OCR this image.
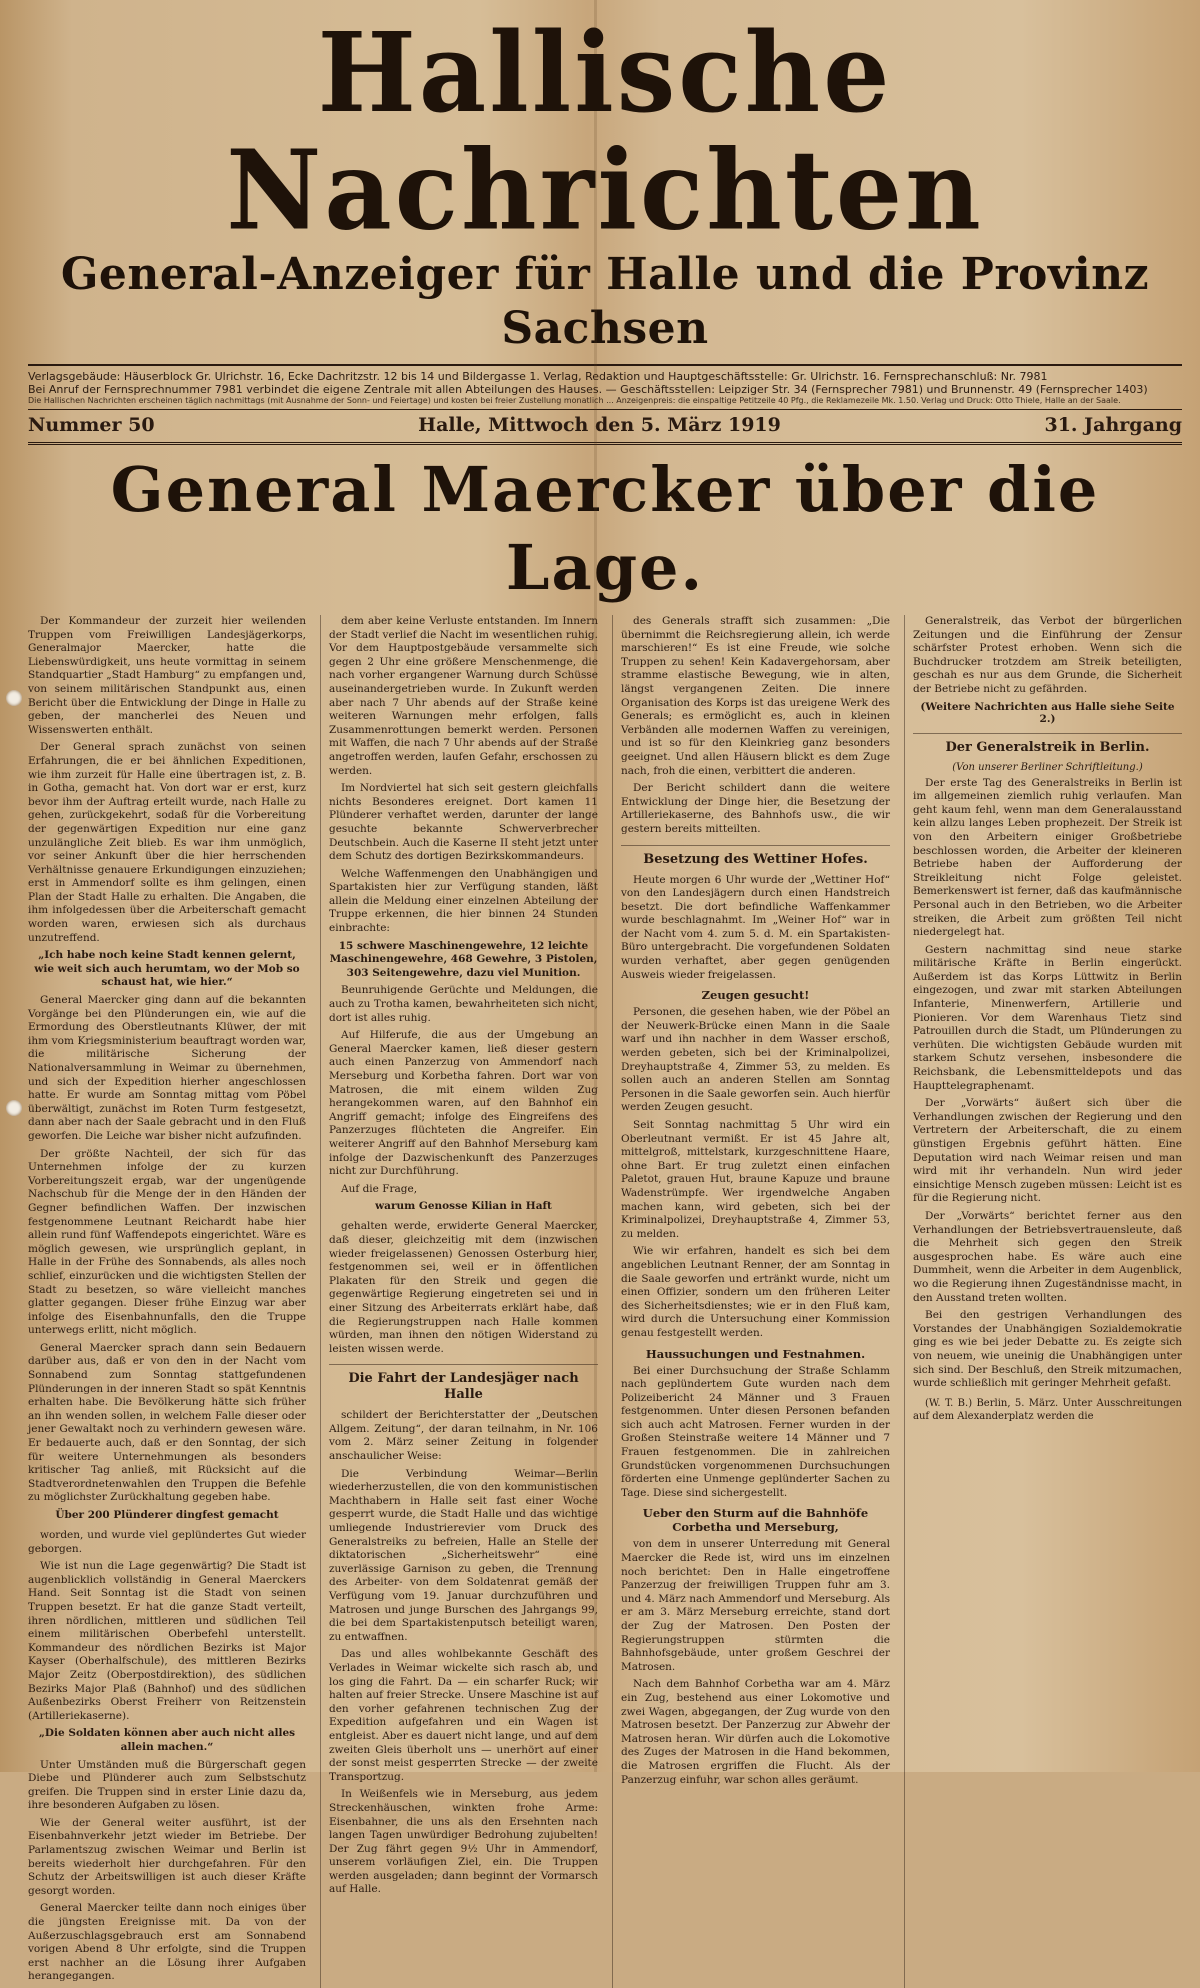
Hallische Nachrichten
General-Anzeiger für Halle und die Provinz Sachsen
Verlagsgebäude: Häuserblock Gr. Ulrichstr. 16, Ecke Dachritzstr. 12 bis 14 und Bildergasse 1. Verlag, Redaktion und Hauptgeschäftsstelle: Gr. Ulrichstr. 16. Fernsprechanschluß: Nr. 7981
Bei Anruf der Fernsprechnummer 7981 verbindet die eigene Zentrale mit allen Abteilungen des Hauses. — Geschäftsstellen: Leipziger Str. 34 (Fernsprecher 7981) und Brunnenstr. 49 (Fernsprecher 1403)
Die Hallischen Nachrichten erscheinen täglich nachmittags (mit Ausnahme der Sonn- und Feiertage) und kosten bei freier Zustellung monatlich ... Anzeigenpreis: die einspaltige Petitzeile 40 Pfg., die Reklamezeile Mk. 1.50. Verlag und Druck: Otto Thiele, Halle an der Saale.
Nummer 50	Halle, Mittwoch den 5. März 1919	31. Jahrgang
General Maercker über die Lage.

Der Kommandeur der zurzeit hier weilenden Truppen vom Freiwilligen Landesjägerkorps, Generalmajor Maercker, hatte die Liebenswürdigkeit, uns heute vormittag in seinem Standquartier „Stadt Hamburg“ zu empfangen und, von seinem militärischen Standpunkt aus, einen Bericht über die Entwicklung der Dinge in Halle zu geben, der mancherlei des Neuen und Wissenswerten enthält.

Der General sprach zunächst von seinen Erfahrungen, die er bei ähnlichen Expeditionen, wie ihm zurzeit für Halle eine übertragen ist, z. B. in Gotha, gemacht hat. Von dort war er erst, kurz bevor ihm der Auftrag erteilt wurde, nach Halle zu gehen, zurückgekehrt, sodaß für die Vorbereitung der gegenwärtigen Expedition nur eine ganz unzulängliche Zeit blieb. Es war ihm unmöglich, vor seiner Ankunft über die hier herrschenden Verhältnisse genauere Erkundigungen einzuziehen; erst in Ammendorf sollte es ihm gelingen, einen Plan der Stadt Halle zu erhalten. Die Angaben, die ihm infolgedessen über die Arbeiterschaft gemacht worden waren, erwiesen sich als durchaus unzutreffend.

„Ich habe noch keine Stadt kennen gelernt, wie weit sich auch herumtam, wo der Mob so schaust hat, wie hier.“

General Maercker ging dann auf die bekannten Vorgänge bei den Plünderungen ein, wie auf die Ermordung des Oberstleutnants Klüwer, der mit ihm vom Kriegsministerium beauftragt worden war, die militärische Sicherung der Nationalversammlung in Weimar zu übernehmen, und sich der Expedition hierher angeschlossen hatte. Er wurde am Sonntag mittag vom Pöbel überwältigt, zunächst im Roten Turm festgesetzt, dann aber nach der Saale gebracht und in den Fluß geworfen. Die Leiche war bisher nicht aufzufinden.

Der größte Nachteil, der sich für das Unternehmen infolge der zu kurzen Vorbereitungszeit ergab, war der ungenügende Nachschub für die Menge der in den Händen der Gegner befindlichen Waffen. Der inzwischen festgenommene Leutnant Reichardt habe hier allein rund fünf Waffendepots eingerichtet. Wäre es möglich gewesen, wie ursprünglich geplant, in Halle in der Frühe des Sonnabends, als alles noch schlief, einzurücken und die wichtigsten Stellen der Stadt zu besetzen, so wäre vielleicht manches glatter gegangen. Dieser frühe Einzug war aber infolge des Eisenbahnunfalls, den die Truppe unterwegs erlitt, nicht möglich.

General Maercker sprach dann sein Bedauern darüber aus, daß er von den in der Nacht vom Sonnabend zum Sonntag stattgefundenen Plünderungen in der inneren Stadt so spät Kenntnis erhalten habe. Die Bevölkerung hätte sich früher an ihn wenden sollen, in welchem Falle dieser oder jener Gewaltakt noch zu verhindern gewesen wäre. Er bedauerte auch, daß er den Sonntag, der sich für weitere Unternehmungen als besonders kritischer Tag anließ, mit Rücksicht auf die Stadtverordnetenwahlen den Truppen die Befehle zu möglichster Zurückhaltung gegeben habe.

Über 200 Plünderer dingfest gemacht

worden, und wurde viel geplündertes Gut wieder geborgen.

Wie ist nun die Lage gegenwärtig? Die Stadt ist augenblicklich vollständig in General Maerckers Hand. Seit Sonntag ist die Stadt von seinen Truppen besetzt. Er hat die ganze Stadt verteilt, ihren nördlichen, mittleren und südlichen Teil einem militärischen Oberbefehl unterstellt. Kommandeur des nördlichen Bezirks ist Major Kayser (Oberhalfschule), des mittleren Bezirks Major Zeitz (Oberpostdirektion), des südlichen Bezirks Major Plaß (Bahnhof) und des südlichen Außenbezirks Oberst Freiherr von Reitzenstein (Artilleriekaserne).

„Die Soldaten können aber auch nicht alles allein machen.“

Unter Umständen muß die Bürgerschaft gegen Diebe und Plünderer auch zum Selbstschutz greifen. Die Truppen sind in erster Linie dazu da, ihre besonderen Aufgaben zu lösen.

Wie der General weiter ausführt, ist der Eisenbahnverkehr jetzt wieder im Betriebe. Der Parlamentszug zwischen Weimar und Berlin ist bereits wiederholt hier durchgefahren. Für den Schutz der Arbeitswilligen ist auch dieser Kräfte gesorgt worden.

General Maercker teilte dann noch einiges über die jüngsten Ereignisse mit. Da von der Außerzuschlagsgebrauch erst am Sonnabend vorigen Abend 8 Uhr erfolgte, sind die Truppen erst nachher an die Lösung ihrer Aufgaben herangegangen.

dem aber keine Verluste entstanden. Im Innern der Stadt verlief die Nacht im wesentlichen ruhig. Vor dem Hauptpostgebäude versammelte sich gegen 2 Uhr eine größere Menschenmenge, die nach vorher ergangener Warnung durch Schüsse auseinandergetrieben wurde. In Zukunft werden aber nach 7 Uhr abends auf der Straße keine weiteren Warnungen mehr erfolgen, falls Zusammenrottungen bemerkt werden. Personen mit Waffen, die nach 7 Uhr abends auf der Straße angetroffen werden, laufen Gefahr, erschossen zu werden.

Im Nordviertel hat sich seit gestern gleichfalls nichts Besonderes ereignet. Dort kamen 11 Plünderer verhaftet werden, darunter der lange gesuchte bekannte Schwerverbrecher Deutschbein. Auch die Kaserne II steht jetzt unter dem Schutz des dortigen Bezirkskommandeurs.

Welche Waffenmengen den Unabhängigen und Spartakisten hier zur Verfügung standen, läßt allein die Meldung einer einzelnen Abteilung der Truppe erkennen, die hier binnen 24 Stunden einbrachte:

15 schwere Maschinengewehre, 12 leichte Maschinengewehre, 468 Gewehre, 3 Pistolen, 303 Seitengewehre, dazu viel Munition.

Beunruhigende Gerüchte und Meldungen, die auch zu Trotha kamen, bewahrheiteten sich nicht, dort ist alles ruhig.

Auf Hilferufe, die aus der Umgebung an General Maercker kamen, ließ dieser gestern auch einen Panzerzug von Ammendorf nach Merseburg und Korbetha fahren. Dort war von Matrosen, die mit einem wilden Zug herangekommen waren, auf den Bahnhof ein Angriff gemacht; infolge des Eingreifens des Panzerzuges flüchteten die Angreifer. Ein weiterer Angriff auf den Bahnhof Merseburg kam infolge der Dazwischenkunft des Panzerzuges nicht zur Durchführung.

Auf die Frage,

warum Genosse Kilian in Haft

gehalten werde, erwiderte General Maercker, daß dieser, gleichzeitig mit dem (inzwischen wieder freigelassenen) Genossen Osterburg hier, festgenommen sei, weil er in öffentlichen Plakaten für den Streik und gegen die gegenwärtige Regierung eingetreten sei und in einer Sitzung des Arbeiterrats erklärt habe, daß die Regierungstruppen nach Halle kommen würden, man ihnen den nötigen Widerstand zu leisten wissen werde.

Die Fahrt der Landesjäger nach Halle

schildert der Berichterstatter der „Deutschen Allgem. Zeitung“, der daran teilnahm, in Nr. 106 vom 2. März seiner Zeitung in folgender anschaulicher Weise:

Die Verbindung Weimar—Berlin wiederherzustellen, die von den kommunistischen Machthabern in Halle seit fast einer Woche gesperrt wurde, die Stadt Halle und das wichtige umliegende Industrierevier vom Druck des Generalstreiks zu befreien, Halle an Stelle der diktatorischen „Sicherheitswehr“ eine zuverlässige Garnison zu geben, die Trennung des Arbeiter- von dem Soldatenrat gemäß der Verfügung vom 19. Januar durchzuführen und Matrosen und junge Burschen des Jahrgangs 99, die bei dem Spartakistenputsch beteiligt waren, zu entwaffnen.

Das und alles wohlbekannte Geschäft des Verlades in Weimar wickelte sich rasch ab, und los ging die Fahrt. Da — ein scharfer Ruck; wir halten auf freier Strecke. Unsere Maschine ist auf den vorher gefahrenen technischen Zug der Expedition aufgefahren und ein Wagen ist entgleist. Aber es dauert nicht lange, und auf dem zweiten Gleis überholt uns — unerhört auf einer der sonst meist gesperrten Strecke — der zweite Transportzug.

In Weißenfels wie in Merseburg, aus jedem Streckenhäuschen, winkten frohe Arme: Eisenbahner, die uns als den Ersehnten nach langen Tagen unwürdiger Bedrohung zujubelten! Der Zug fährt gegen 9½ Uhr in Ammendorf, unserem vorläufigen Ziel, ein. Die Truppen werden ausgeladen; dann beginnt der Vormarsch auf Halle.

des Generals strafft sich zusammen: „Die übernimmt die Reichsregierung allein, ich werde marschieren!“ Es ist eine Freude, wie solche Truppen zu sehen! Kein Kadavergehorsam, aber stramme elastische Bewegung, wie in alten, längst vergangenen Zeiten. Die innere Organisation des Korps ist das ureigene Werk des Generals; es ermöglicht es, auch in kleinen Verbänden alle modernen Waffen zu vereinigen, und ist so für den Kleinkrieg ganz besonders geeignet. Und allen Häusern blickt es dem Zuge nach, froh die einen, verbittert die anderen.

Der Bericht schildert dann die weitere Entwicklung der Dinge hier, die Besetzung der Artilleriekaserne, des Bahnhofs usw., die wir gestern bereits mitteilten.

Besetzung des Wettiner Hofes.

Heute morgen 6 Uhr wurde der „Wettiner Hof“ von den Landesjägern durch einen Handstreich besetzt. Die dort befindliche Waffenkammer wurde beschlagnahmt. Im „Weiner Hof“ war in der Nacht vom 4. zum 5. d. M. ein Spartakisten-Büro untergebracht. Die vorgefundenen Soldaten wurden verhaftet, aber gegen genügenden Ausweis wieder freigelassen.

Zeugen gesucht!

Personen, die gesehen haben, wie der Pöbel an der Neuwerk-Brücke einen Mann in die Saale warf und ihn nachher in dem Wasser erschoß, werden gebeten, sich bei der Kriminalpolizei, Dreyhauptstraße 4, Zimmer 53, zu melden. Es sollen auch an anderen Stellen am Sonntag Personen in die Saale geworfen sein. Auch hierfür werden Zeugen gesucht.

Seit Sonntag nachmittag 5 Uhr wird ein Oberleutnant vermißt. Er ist 45 Jahre alt, mittelgroß, mittelstark, kurzgeschnittene Haare, ohne Bart. Er trug zuletzt einen einfachen Paletot, grauen Hut, braune Kapuze und braune Wadenstrümpfe. Wer irgendwelche Angaben machen kann, wird gebeten, sich bei der Kriminalpolizei, Dreyhauptstraße 4, Zimmer 53, zu melden.

Wie wir erfahren, handelt es sich bei dem angeblichen Leutnant Renner, der am Sonntag in die Saale geworfen und ertränkt wurde, nicht um einen Offizier, sondern um den früheren Leiter des Sicherheitsdienstes; wie er in den Fluß kam, wird durch die Untersuchung einer Kommission genau festgestellt werden.

Haussuchungen und Festnahmen.

Bei einer Durchsuchung der Straße Schlamm nach geplündertem Gute wurden nach dem Polizeibericht 24 Männer und 3 Frauen festgenommen. Unter diesen Personen befanden sich auch acht Matrosen. Ferner wurden in der Großen Steinstraße weitere 14 Männer und 7 Frauen festgenommen. Die in zahlreichen Grundstücken vorgenommenen Durchsuchungen förderten eine Unmenge geplünderter Sachen zu Tage. Diese sind sichergestellt.

Ueber den Sturm auf die Bahnhöfe Corbetha und Merseburg,

von dem in unserer Unterredung mit General Maercker die Rede ist, wird uns im einzelnen noch berichtet: Den in Halle eingetroffene Panzerzug der freiwilligen Truppen fuhr am 3. und 4. März nach Ammendorf und Merseburg. Als er am 3. März Merseburg erreichte, stand dort der Zug der Matrosen. Den Posten der Regierungstruppen stürmten die Bahnhofsgebäude, unter großem Geschrei der Matrosen.

Nach dem Bahnhof Corbetha war am 4. März ein Zug, bestehend aus einer Lokomotive und zwei Wagen, abgegangen, der Zug wurde von den Matrosen besetzt. Der Panzerzug zur Abwehr der Matrosen heran. Wir dürfen auch die Lokomotive des Zuges der Matrosen in die Hand bekommen, die Matrosen ergriffen die Flucht. Als der Panzerzug einfuhr, war schon alles geräumt.

Generalstreik, das Verbot der bürgerlichen Zeitungen und die Einführung der Zensur schärfster Protest erhoben. Wenn sich die Buchdrucker trotzdem am Streik beteiligten, geschah es nur aus dem Grunde, die Sicherheit der Betriebe nicht zu gefährden.

(Weitere Nachrichten aus Halle siehe Seite 2.)
Der Generalstreik in Berlin.
(Von unserer Berliner Schriftleitung.)

Der erste Tag des Generalstreiks in Berlin ist im allgemeinen ziemlich ruhig verlaufen. Man geht kaum fehl, wenn man dem Generalausstand kein allzu langes Leben prophezeit. Der Streik ist von den Arbeitern einiger Großbetriebe beschlossen worden, die Arbeiter der kleineren Betriebe haben der Aufforderung der Streikleitung nicht Folge geleistet. Bemerkenswert ist ferner, daß das kaufmännische Personal auch in den Betrieben, wo die Arbeiter streiken, die Arbeit zum größten Teil nicht niedergelegt hat.

Gestern nachmittag sind neue starke militärische Kräfte in Berlin eingerückt. Außerdem ist das Korps Lüttwitz in Berlin eingezogen, und zwar mit starken Abteilungen Infanterie, Minenwerfern, Artillerie und Pionieren. Vor dem Warenhaus Tietz sind Patrouillen durch die Stadt, um Plünderungen zu verhüten. Die wichtigsten Gebäude wurden mit starkem Schutz versehen, insbesondere die Reichsbank, die Lebensmitteldepots und das Haupttelegraphenamt.

Der „Vorwärts“ äußert sich über die Verhandlungen zwischen der Regierung und den Vertretern der Arbeiterschaft, die zu einem günstigen Ergebnis geführt hätten. Eine Deputation wird nach Weimar reisen und man wird mit ihr verhandeln. Nun wird jeder einsichtige Mensch zugeben müssen: Leicht ist es für die Regierung nicht.

Der „Vorwärts“ berichtet ferner aus den Verhandlungen der Betriebsvertrauensleute, daß die Mehrheit sich gegen den Streik ausgesprochen habe. Es wäre auch eine Dummheit, wenn die Arbeiter in dem Augenblick, wo die Regierung ihnen Zugeständnisse macht, in den Ausstand treten wollten.

Bei den gestrigen Verhandlungen des Vorstandes der Unabhängigen Sozialdemokratie ging es wie bei jeder Debatte zu. Es zeigte sich von neuem, wie uneinig die Unabhängigen unter sich sind. Der Beschluß, den Streik mitzumachen, wurde schließlich mit geringer Mehrheit gefaßt.

(W. T. B.) Berlin, 5. März. Unter Ausschreitungen auf dem Alexanderplatz werden die
